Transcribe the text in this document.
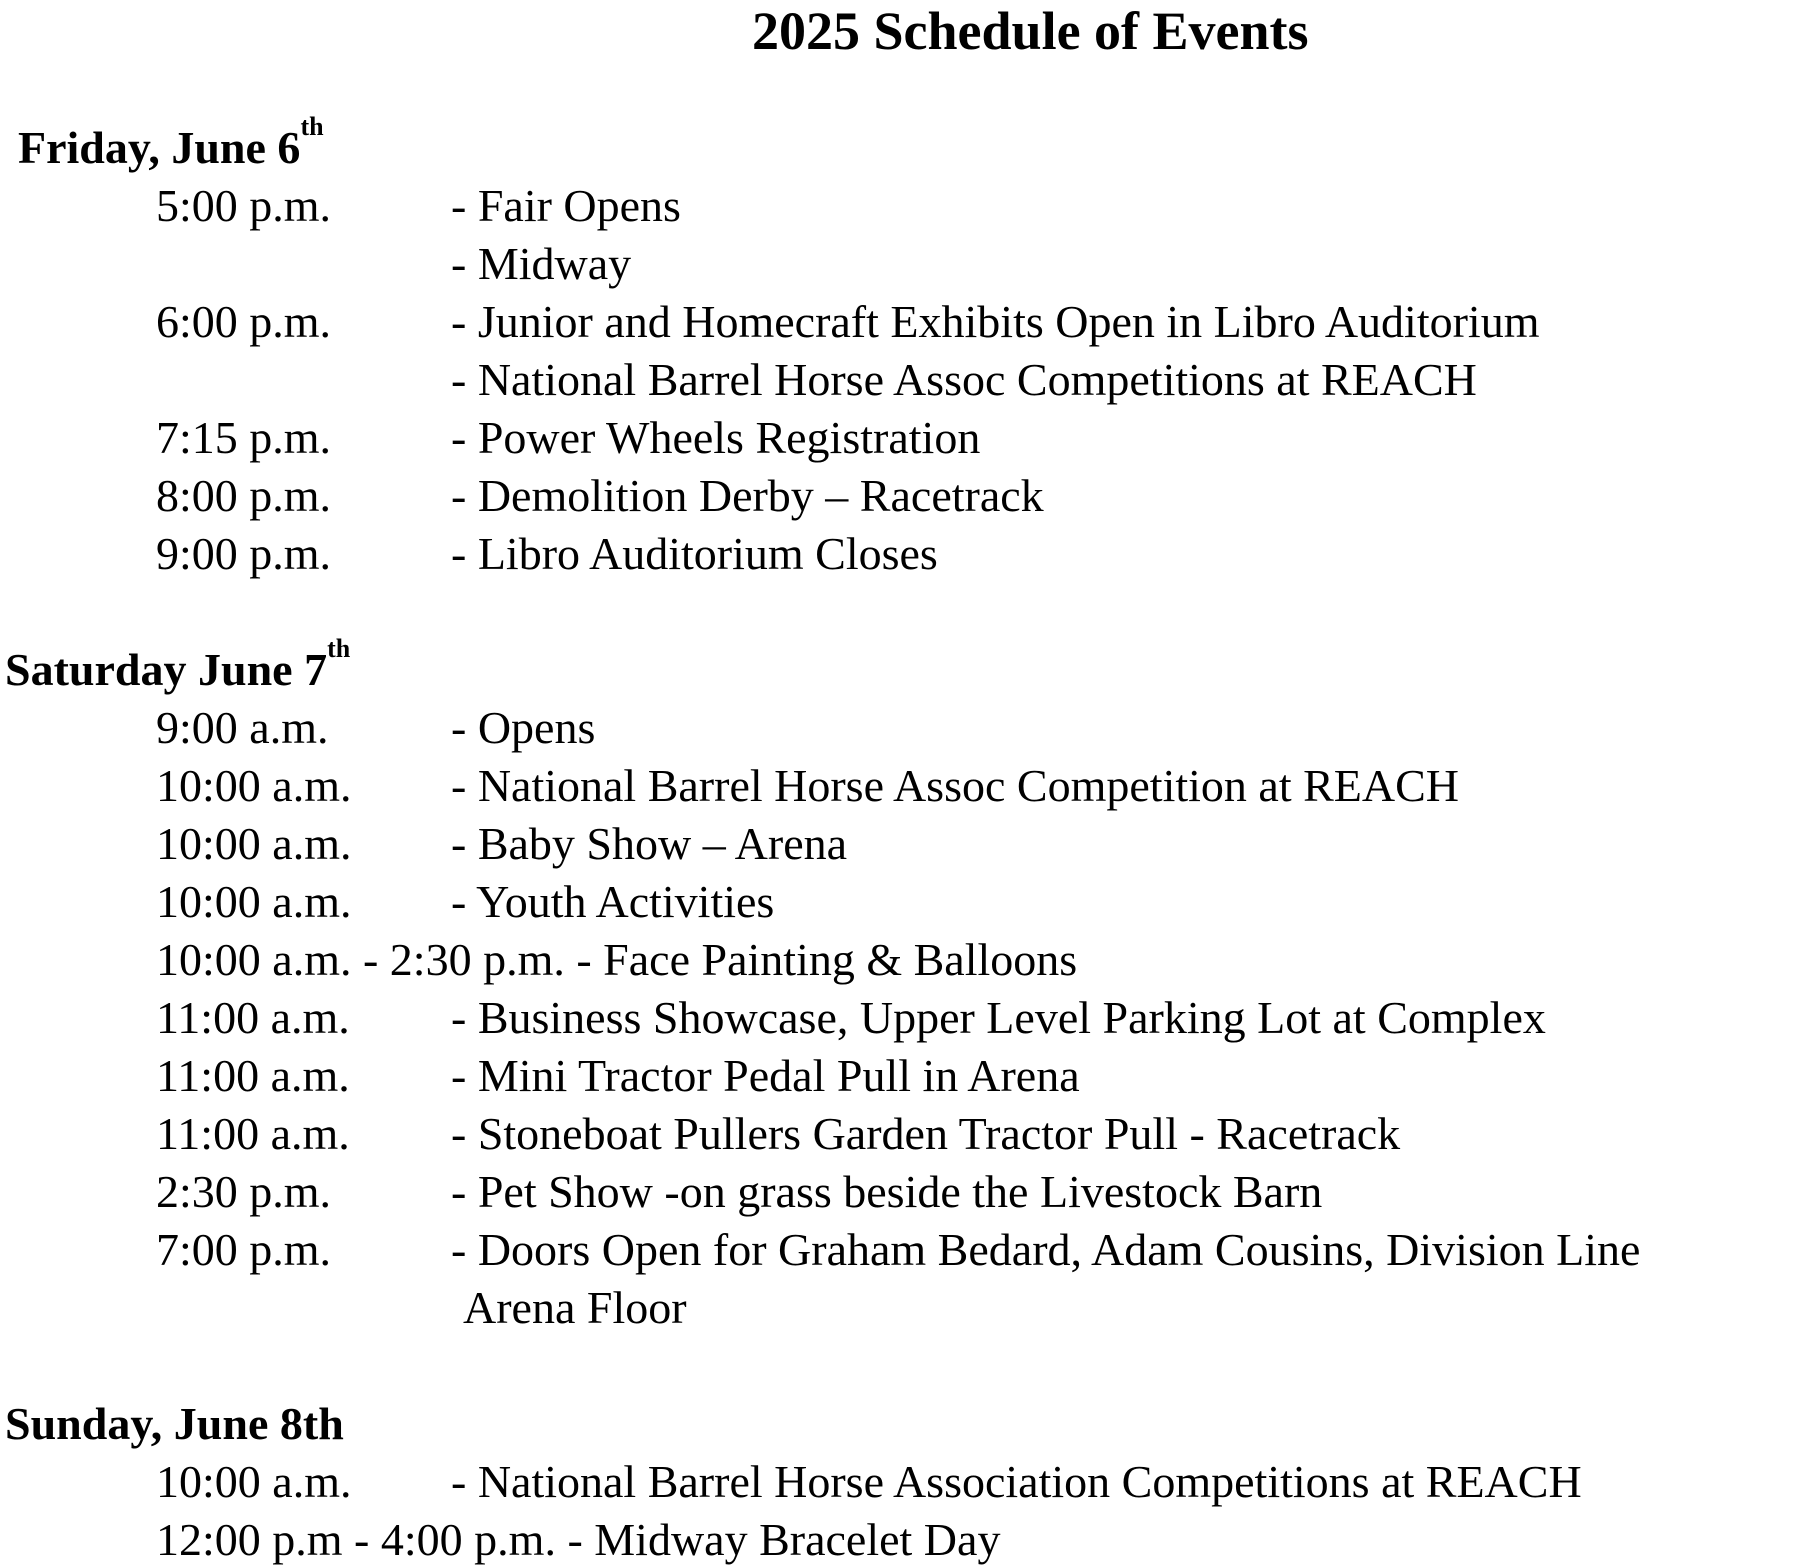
2025 Schedule of Events
Friday, June 6th
5:00 p.m.	- Fair Opens
- Midway
6:00 p.m.	- Junior and Homecraft Exhibits Open in Libro Auditorium
- National Barrel Horse Assoc Competitions at REACH
7:15 p.m.	- Power Wheels Registration
8:00 p.m.	- Demolition Derby – Racetrack
9:00 p.m.	- Libro Auditorium Closes
Saturday June 7th
9:00 a.m.	- Opens
10:00 a.m. - National Barrel Horse Assoc Competition at REACH
10:00 a.m. - Baby Show – Arena
10:00 a.m. - Youth Activities
10:00 a.m. - 2:30 p.m. - Face Painting & Balloons
11:00 a.m. - Business Showcase, Upper Level Parking Lot at Complex
11:00 a.m. - Mini Tractor Pedal Pull in Arena
11:00 a.m. - Stoneboat Pullers Garden Tractor Pull - Racetrack
2:30 p.m.	- Pet Show -on grass beside the Livestock Barn
7:00 p.m.	- Doors Open for Graham Bedard, Adam Cousins, Division Line
Arena Floor
Sunday, June 8th
10:00 a.m. - National Barrel Horse Association Competitions at REACH
12:00 p.m - 4:00 p.m. - Midway Bracelet Day
